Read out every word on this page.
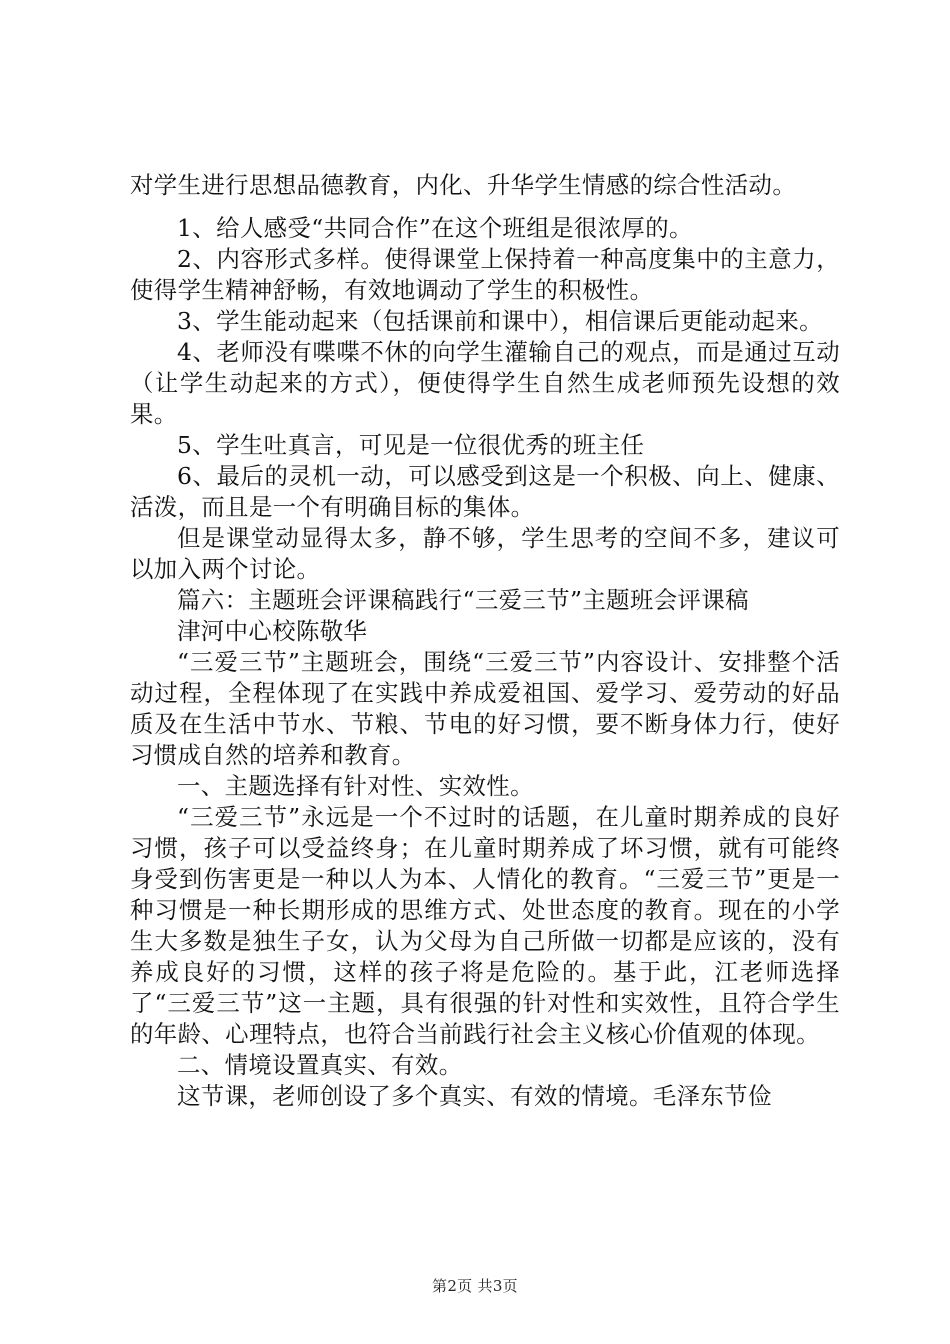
对学生进行思想品德教育，内化、升华学生情感的综合性活动。

1、给人感受“共同合作”在这个班组是很浓厚的。

2、内容形式多样。使得课堂上保持着一种高度集中的主意力，使得学生精神舒畅，有效地调动了学生的积极性。

3、学生能动起来（包括课前和课中），相信课后更能动起来。

4、老师没有喋喋不休的向学生灌输自己的观点，而是通过互动（让学生动起来的方式），便使得学生自然生成老师预先设想的效果。

5、学生吐真言，可见是一位很优秀的班主任

6、最后的灵机一动，可以感受到这是一个积极、向上、健康、活泼，而且是一个有明确目标的集体。

但是课堂动显得太多，静不够，学生思考的空间不多，建议可以加入两个讨论。

篇六：主题班会评课稿践行“三爱三节”主题班会评课稿

津河中心校陈敬华

“三爱三节”主题班会，围绕“三爱三节”内容设计、安排整个活动过程，全程体现了在实践中养成爱祖国、爱学习、爱劳动的好品质及在生活中节水、节粮、节电的好习惯，要不断身体力行，使好习惯成自然的培养和教育。

一、主题选择有针对性、实效性。

“三爱三节”永远是一个不过时的话题，在儿童时期养成的良好习惯，孩子可以受益终身；在儿童时期养成了坏习惯，就有可能终身受到伤害更是一种以人为本、人情化的教育。“三爱三节”更是一种习惯是一种长期形成的思维方式、处世态度的教育。现在的小学生大多数是独生子女，认为父母为自己所做一切都是应该的，没有养成良好的习惯，这样的孩子将是危险的。基于此，江老师选择了“三爱三节”这一主题，具有很强的针对性和实效性，且符合学生的年龄、心理特点，也符合当前践行社会主义核心价值观的体现。

二、情境设置真实、有效。

这节课，老师创设了多个真实、有效的情境。毛泽东节俭

第2页 共3页
